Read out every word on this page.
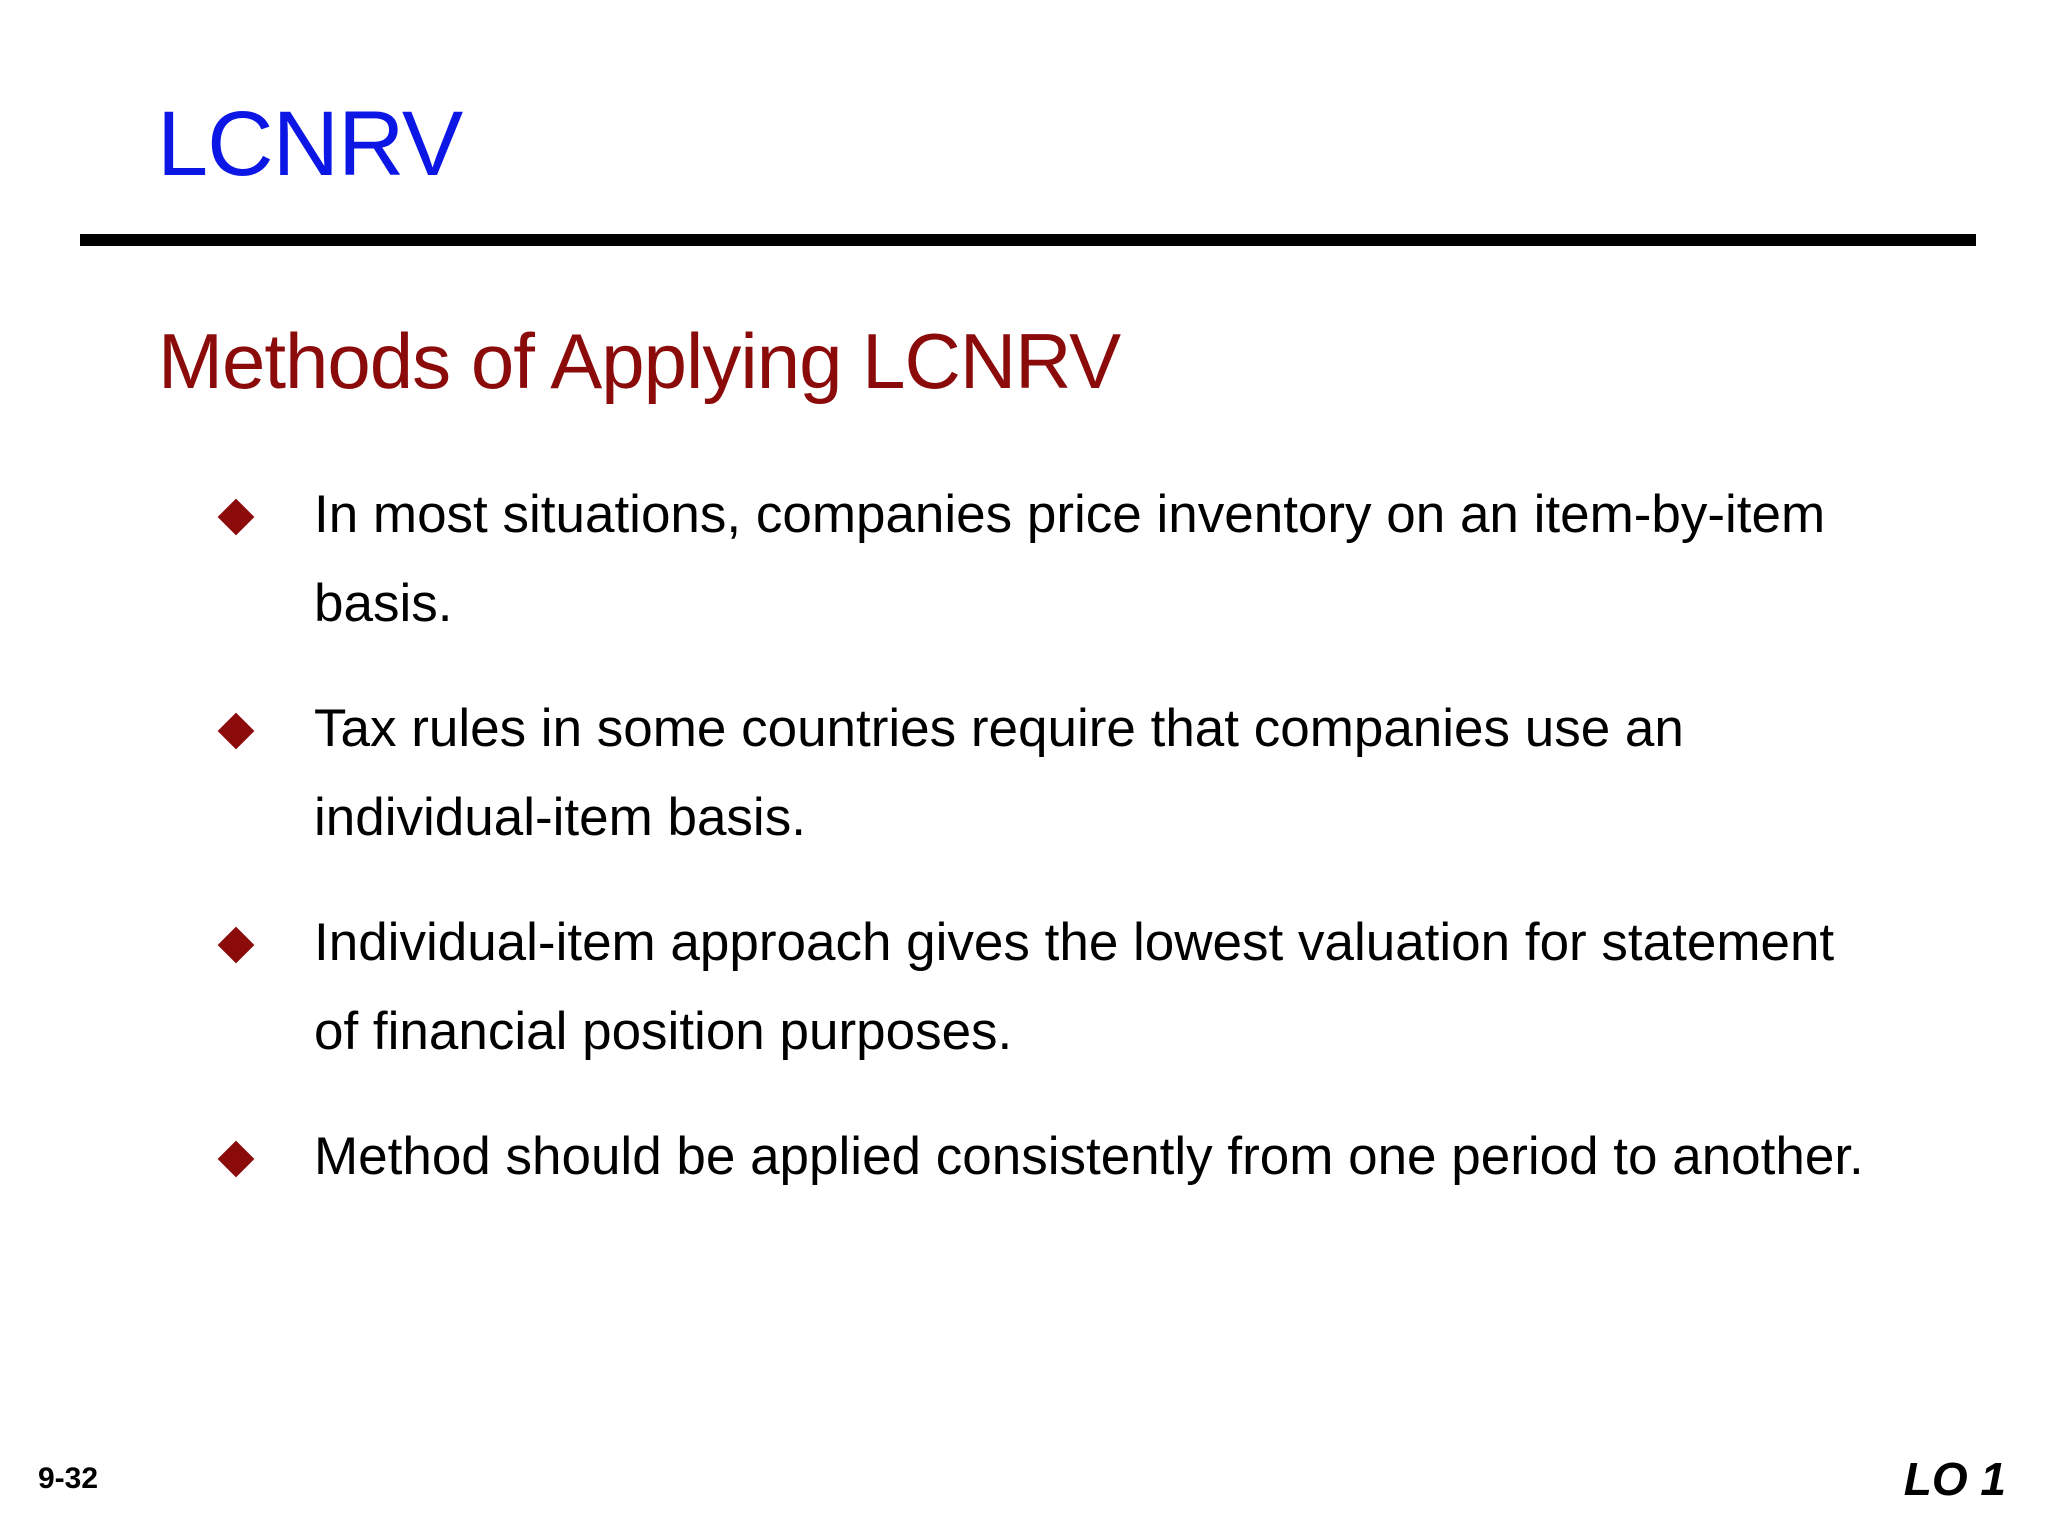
LCNRV
Methods of Applying LCNRV
In most situations, companies price inventory on an item-by-item basis.
Tax rules in some countries require that companies use an individual-item basis.
Individual-item approach gives the lowest valuation for statement of financial position purposes.
Method should be applied consistently from one period to another.
9-32	LO 1
